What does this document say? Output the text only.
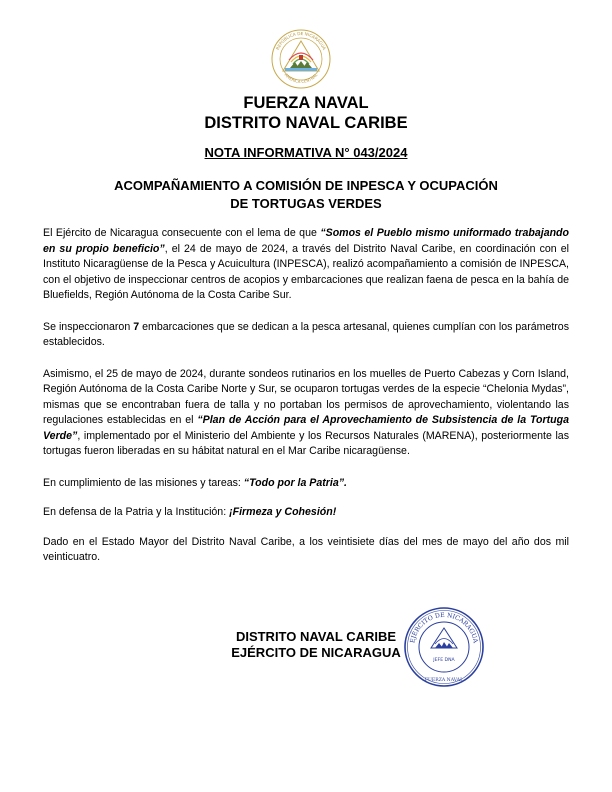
REPÚBLICA DE NICARAGUA
AMÉRICA CENTRAL
FUERZA NAVAL
DISTRITO NAVAL CARIBE
NOTA INFORMATIVA N° 043/2024
ACOMPAÑAMIENTO A COMISIÓN DE INPESCA Y OCUPACIÓN
DE TORTUGAS VERDES

El Ejército de Nicaragua consecuente con el lema de que “Somos el Pueblo mismo uniformado trabajando en su propio beneficio”, el 24 de mayo de 2024, a través del Distrito Naval Caribe, en coordinación con el Instituto Nicaragüense de la Pesca y Acuicultura (INPESCA), realizó acompañamiento a comisión de INPESCA, con el objetivo de inspeccionar centros de acopios y embarcaciones que realizan faena de pesca en la bahía de Bluefields, Región Autónoma de la Costa Caribe Sur.

Se inspeccionaron 7 embarcaciones que se dedican a la pesca artesanal, quienes cumplían con los parámetros establecidos.

Asimismo, el 25 de mayo de 2024, durante sondeos rutinarios en los muelles de Puerto Cabezas y Corn Island, Región Autónoma de la Costa Caribe Norte y Sur, se ocuparon tortugas verdes de la especie “Chelonia Mydas”, mismas que se encontraban fuera de talla y no portaban los permisos de aprovechamiento, violentando las regulaciones establecidas en el “Plan de Acción para el Aprovechamiento de Subsistencia de la Tortuga Verde”, implementado por el Ministerio del Ambiente y los Recursos Naturales (MARENA), posteriormente las tortugas fueron liberadas en su hábitat natural en el Mar Caribe nicaragüense.

En cumplimiento de las misiones y tareas: “Todo por la Patria”.

En defensa de la Patria y la Institución: ¡Firmeza y Cohesión!

Dado en el Estado Mayor del Distrito Naval Caribe, a los veintisiete días del mes de mayo del año dos mil veinticuatro.

DISTRITO NAVAL CARIBE
EJÉRCITO DE NICARAGUA
EJÉRCITO DE NICARAGUA
JEFE DNA
FUERZA NAVAL
